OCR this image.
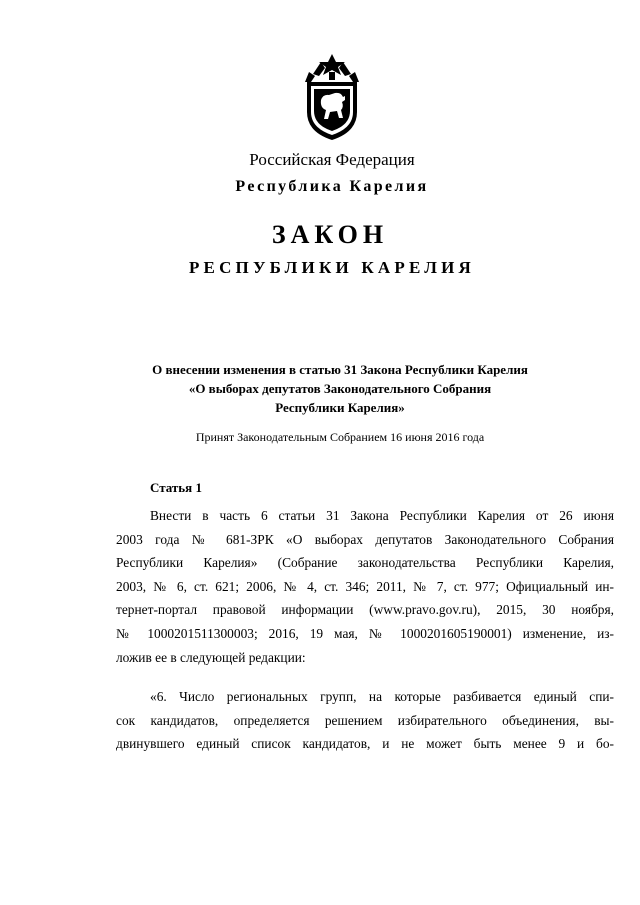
Российская Федерация
Республика Карелия
ЗАКОН
РЕСПУБЛИКИ КАРЕЛИЯ
О внесении изменения в статью 31 Закона Республики Карелия
«О выборах депутатов Законодательного Собрания
Республики Карелия»
Принят Законодательным Собранием 16 июня 2016 года
Статья 1
Внести в часть 6 статьи 31 Закона Республики Карелия от 26 июня
2003 года № 681-ЗРК «О выборах депутатов Законодательного Собрания
Республики Карелия» (Собрание законодательства Республики Карелия,
2003, № 6, ст. 621; 2006, № 4, ст. 346; 2011, № 7, ст. 977; Официальный ин-
тернет-портал правовой информации (www.pravo.gov.ru), 2015, 30 ноября,
№ 1000201511300003; 2016, 19 мая, № 1000201605190001) изменение, из-
ложив ее в следующей редакции:
«6. Число региональных групп, на которые разбивается единый спи-
сок кандидатов, определяется решением избирательного объединения, вы-
двинувшего единый список кандидатов, и не может быть менее 9 и бо-
